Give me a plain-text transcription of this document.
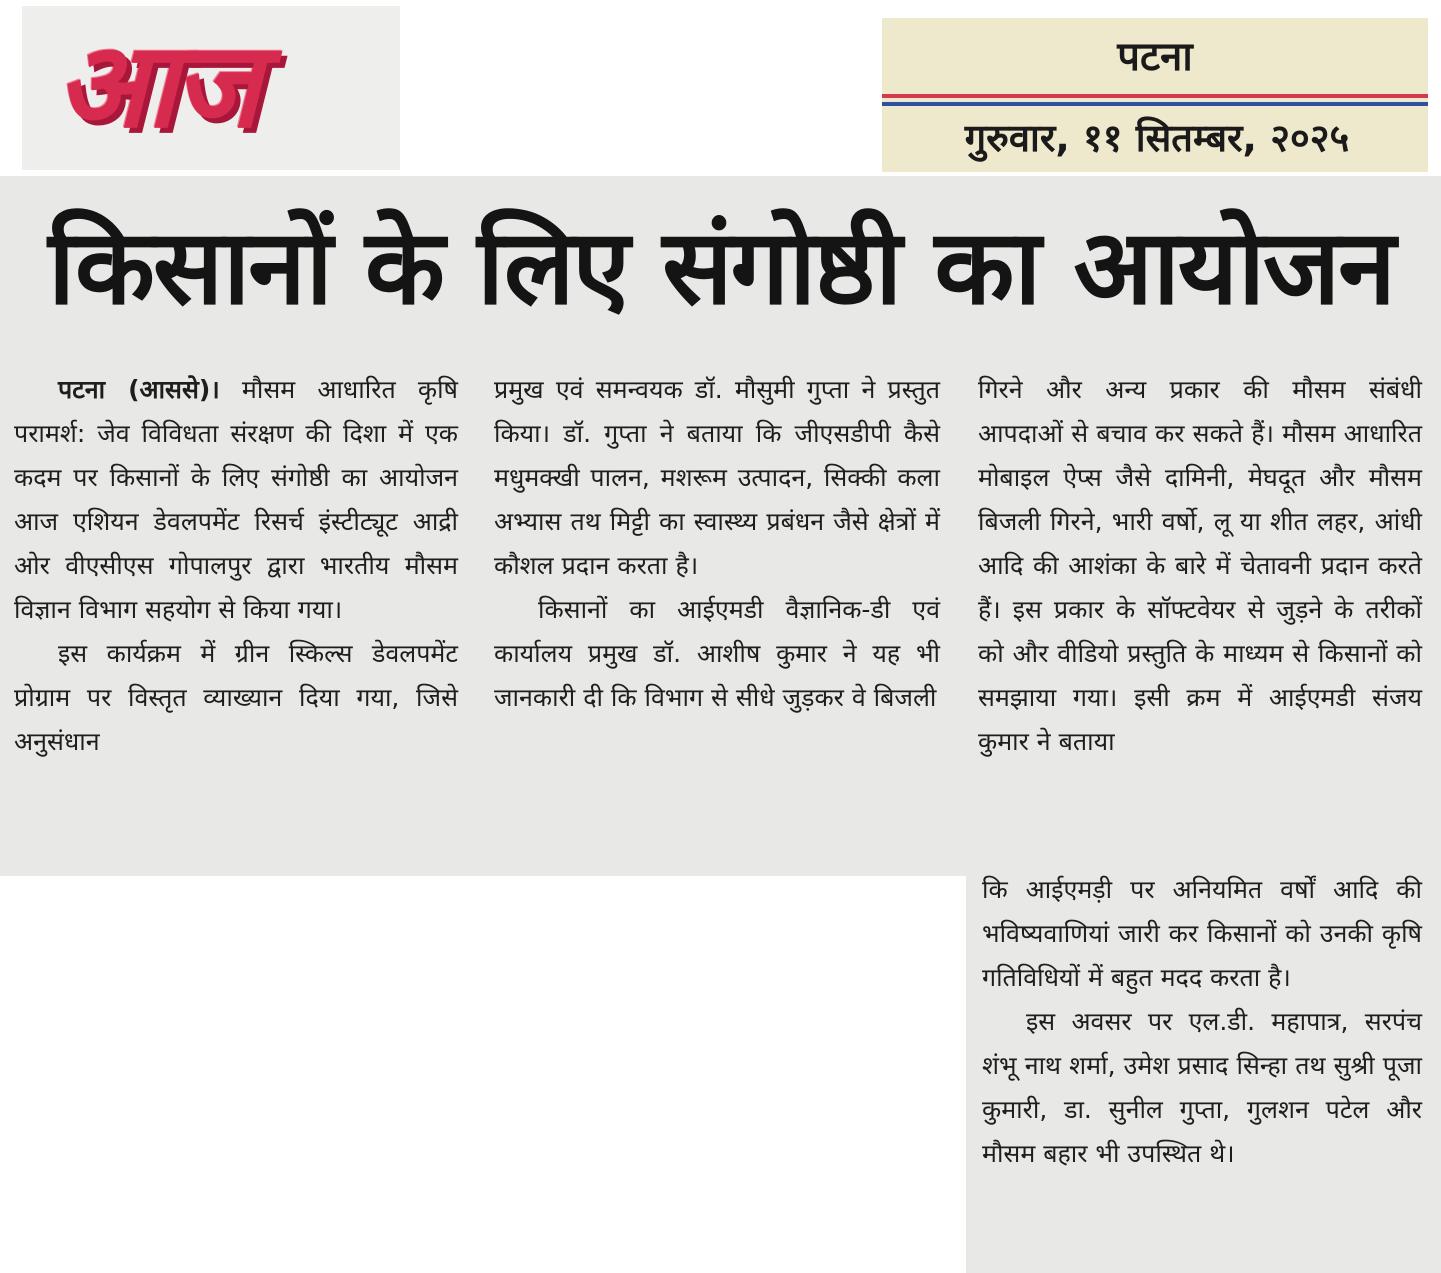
आज	पटना
गुरुवार, ११ सितम्बर, २०२५
किसानों के लिए संगोष्ठी का आयोजन

पटना (आससे)। मौसम आधारित कृषि परामर्श: जेव विविधता संरक्षण की दिशा में एक कदम पर किसानों के लिए संगोष्ठी का आयोजन आज एशियन डेवलपमेंट रिसर्च इंस्टीट्यूट आद्री ओर वीएसीएस गोपालपुर द्वारा भारतीय मौसम विज्ञान विभाग सहयोग से किया गया।

इस कार्यक्रम में ग्रीन स्किल्स डेवलपमेंट प्रोग्राम पर विस्तृत व्याख्यान दिया गया, जिसे अनुसंधान

प्रमुख एवं समन्वयक डॉ. मौसुमी गुप्ता ने प्रस्तुत किया। डॉ. गुप्ता ने बताया कि जीएसडीपी कैसे मधुमक्खी पालन, मशरूम उत्पादन, सिक्की कला अभ्यास तथ मिट्टी का स्वास्थ्य प्रबंधन जैसे क्षेत्रों में कौशल प्रदान करता है।

किसानों का आईएमडी वैज्ञानिक-डी एवं कार्यालय प्रमुख डॉ. आशीष कुमार ने यह भी जानकारी दी कि विभाग से सीधे जुड़कर वे बिजली

गिरने और अन्य प्रकार की मौसम संबंधी आपदाओं से बचाव कर सकते हैं। मौसम आधारित मोबाइल ऐप्स जैसे दामिनी, मेघदूत और मौसम बिजली गिरने, भारी वर्षो, लू या शीत लहर, आंधी आदि की आशंका के बारे में चेतावनी प्रदान करते हैं। इस प्रकार के सॉफ्टवेयर से जुड़ने के तरीकों को और वीडियो प्रस्तुति के माध्यम से किसानों को समझाया गया। इसी क्रम में आईएमडी संजय कुमार ने बताया

कि आईएमड़ी पर अनियमित वर्षों आदि की भविष्यवाणियां जारी कर किसानों को उनकी कृषि गतिविधियों में बहुत मदद करता है।

इस अवसर पर एल.डी. महापात्र, सरपंच शंभू नाथ शर्मा, उमेश प्रसाद सिन्हा तथ सुश्री पूजा कुमारी, डा. सुनील गुप्ता, गुलशन पटेल और मौसम बहार भी उपस्थित थे।
